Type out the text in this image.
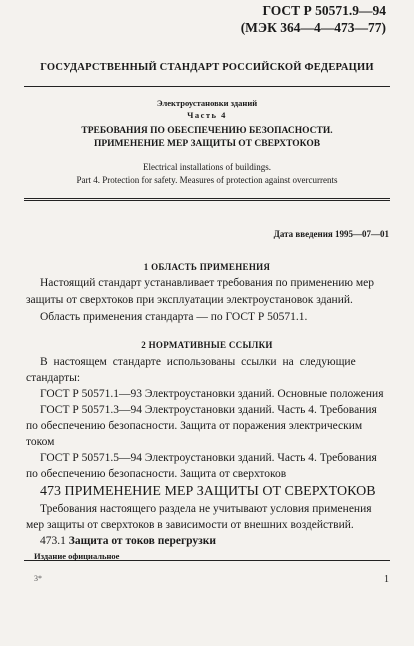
ГОСТ Р 50571.9—94
(МЭК 364—4—473—77)
ГОСУДАРСТВЕННЫЙ СТАНДАРТ РОССИЙСКОЙ ФЕДЕРАЦИИ
Электроустановки зданий
Часть 4
ТРЕБОВАНИЯ ПО ОБЕСПЕЧЕНИЮ БЕЗОПАСНОСТИ.
ПРИМЕНЕНИЕ МЕР ЗАЩИТЫ ОТ СВЕРХТОКОВ
Electrical installations of buildings.
Part 4. Protection for safety. Measures of protection against overcurrents
Дата введения 1995—07—01
1 ОБЛАСТЬ ПРИМЕНЕНИЯ
Настоящий стандарт устанавливает требования по применению мер
защиты от сверхтоков при эксплуатации электроустановок зданий.
Область применения стандарта — по ГОСТ Р 50571.1.
2 НОРМАТИВНЫЕ ССЫЛКИ
В настоящем стандарте использованы ссылки на следующие
стандарты:
ГОСТ Р 50571.1—93 Электроустановки зданий. Основные положения
ГОСТ Р 50571.3—94 Электроустановки зданий. Часть 4. Требования
по обеспечению безопасности. Защита от поражения электрическим
током
ГОСТ Р 50571.5—94 Электроустановки зданий. Часть 4. Требования
по обеспечению безопасности. Защита от сверхтоков
473 ПРИМЕНЕНИЕ МЕР ЗАЩИТЫ ОТ СВЕРХТОКОВ
Требования настоящего раздела не учитывают условия применения
мер защиты от сверхтоков в зависимости от внешних воздействий.
473.1 Защита от токов перегрузки
Издание официальное
3*	1
